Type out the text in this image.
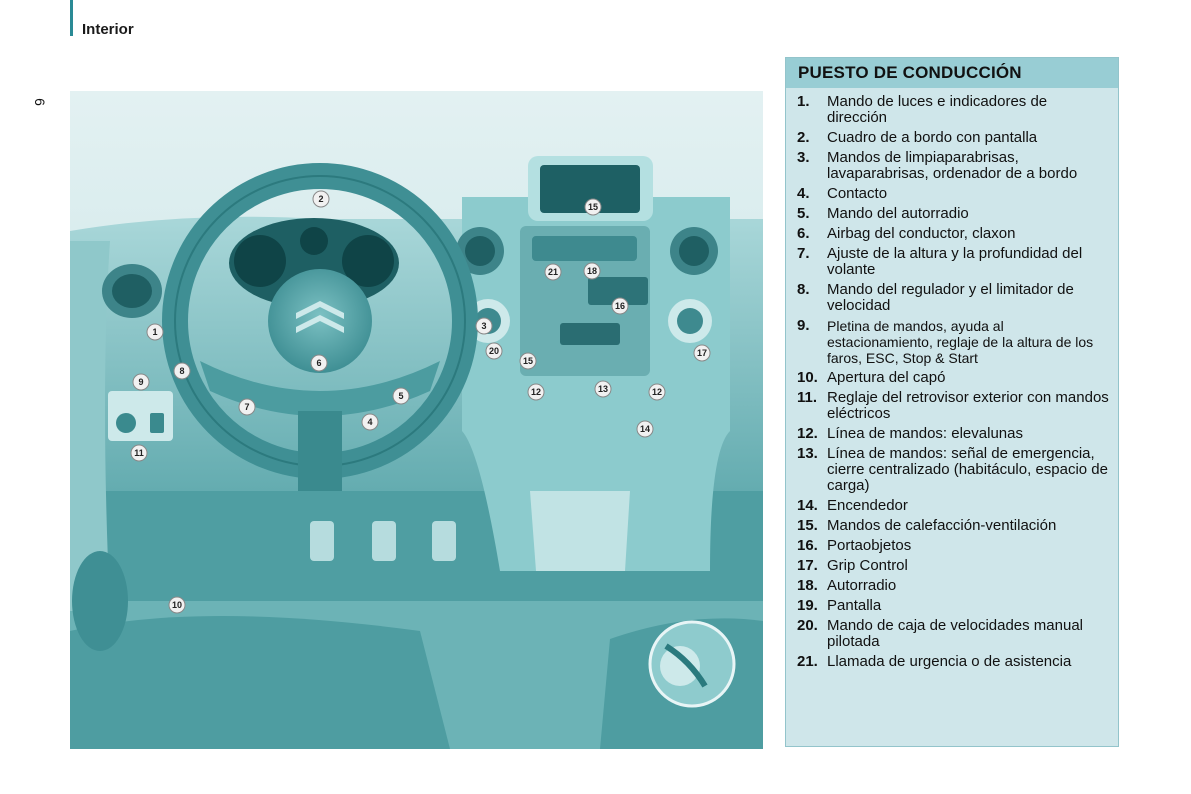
Interior
6
1
2
3
4
5
6
7
8
9
10
11
12	12
13
14
15
15
16
17
18
20
21
PUESTO DE CONDUCCIÓN
1.	Mando de luces e indicadores de dirección
2.	Cuadro de a bordo con pantalla
3.	Mandos de limpiaparabrisas, lavaparabrisas, ordenador de a bordo
4.	Contacto
5.	Mando del autorradio
6.	Airbag del conductor, claxon
7.	Ajuste de la altura y la profundidad del volante
8.	Mando del regulador y el limitador de velocidad
9.	Pletina de mandos, ayuda al estacionamiento, reglaje de la altura de los faros, ESC, Stop & Start
10. Apertura del capó
11. Reglaje del retrovisor exterior con mandos eléctricos
12. Línea de mandos: elevalunas
13. Línea de mandos: señal de emergencia, cierre centralizado (habitáculo, espacio de carga)
14. Encendedor
15. Mandos de calefacción-ventilación
16. Portaobjetos
17. Grip Control
18. Autorradio
19. Pantalla
20. Mando de caja de velocidades manual pilotada
21. Llamada de urgencia o de asistencia
